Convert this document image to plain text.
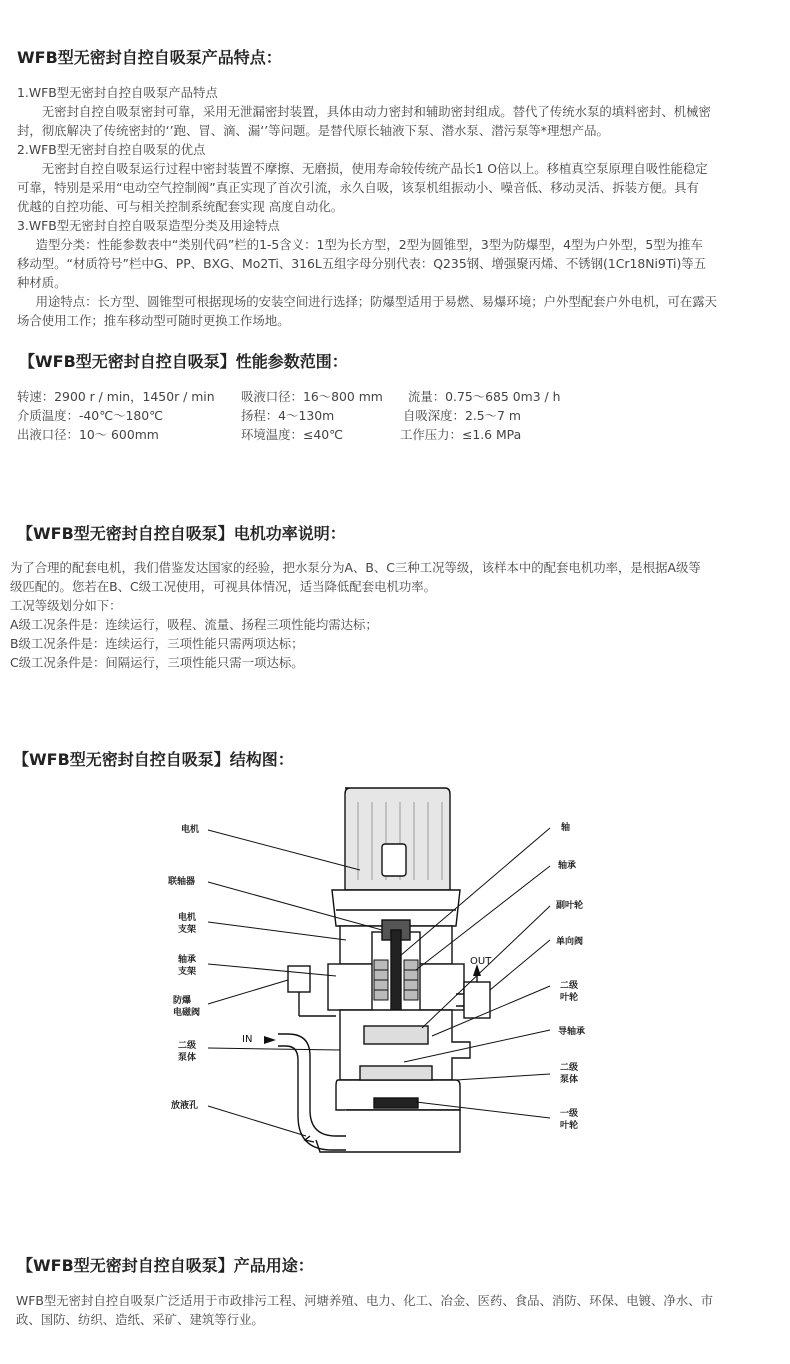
WFB型无密封自控自吸泵产品特点：
1.WFB型无密封自控自吸泵产品特点
无密封自控自吸泵密封可靠，采用无泄漏密封装置，具体由动力密封和辅助密封组成。替代了传统水泵的填料密封、机械密
封，彻底解决了传统密封的‘’跑、冒、滴、漏‘’等问题。是替代原长轴液下泵、潜水泵、潜污泵等*理想产品。
2.WFB型无密封自控自吸泵的优点
无密封自控自吸泵运行过程中密封装置不摩擦、无磨损，使用寿命较传统产品长1 O倍以上。移植真空泵原理自吸性能稳定
可靠，特别是采用“电动空气控制阀”真正实现了首次引流，永久自吸，该泵机组振动小、噪音低、移动灵活、拆装方便。具有
优越的自控功能、可与相关控制系统配套实现 高度自动化。
3.WFB型无密封自控自吸泵造型分类及用途特点
造型分类：性能参数表中“类别代码”栏的1-5含义：1型为长方型，2型为圆锥型，3型为防爆型，4型为户外型，5型为推车
移动型。“材质符号”栏中G、PP、BXG、Mo2Ti、316L五组字母分别代表：Q235钢、增强聚丙烯、不锈钢(1Cr18Ni9Ti)等五
种材质。
用途特点：长方型、圆锥型可根据现场的安装空间进行选择；防爆型适用于易燃、易爆环境；户外型配套户外电机，可在露天
场合使用工作；推车移动型可随时更换工作场地。
【WFB型无密封自控自吸泵】性能参数范围：
转速：2900 r / min，1450r / min 吸液口径：16～800 mm 流量：0.75～685 0m3 / h
介质温度：-40℃～180℃	扬程：4～130m	自吸深度：2.5～7 m
出液口径：10～ 600mm	环境温度：≤40℃	工作压力：≤1.6 MPa
【WFB型无密封自控自吸泵】电机功率说明：
为了合理的配套电机，我们借鉴发达国家的经验，把水泵分为A、B、C三种工况等级，该样本中的配套电机功率，是根据A级等
级匹配的。您若在B、C级工况使用，可视具体情况，适当降低配套电机功率。
工况等级划分如下：
A级工况条件是：连续运行，吸程、流量、扬程三项性能均需达标；
B级工况条件是：连续运行，三项性能只需两项达标；
C级工况条件是：间隔运行，三项性能只需一项达标。
【WFB型无密封自控自吸泵】结构图：
IN
OUT
电机
联轴器
电机
支架
轴承
支架
防爆
电磁阀
二级
泵体
放液孔
轴
轴承
副叶轮
单向阀
二级
叶轮
导轴承
二级
泵体
一级
叶轮
【WFB型无密封自控自吸泵】产品用途：
WFB型无密封自控自吸泵广泛适用于市政排污工程、河塘养殖、电力、化工、冶金、医药、食品、消防、环保、电镀、净水、市
政、国防、纺织、造纸、采矿、建筑等行业。
